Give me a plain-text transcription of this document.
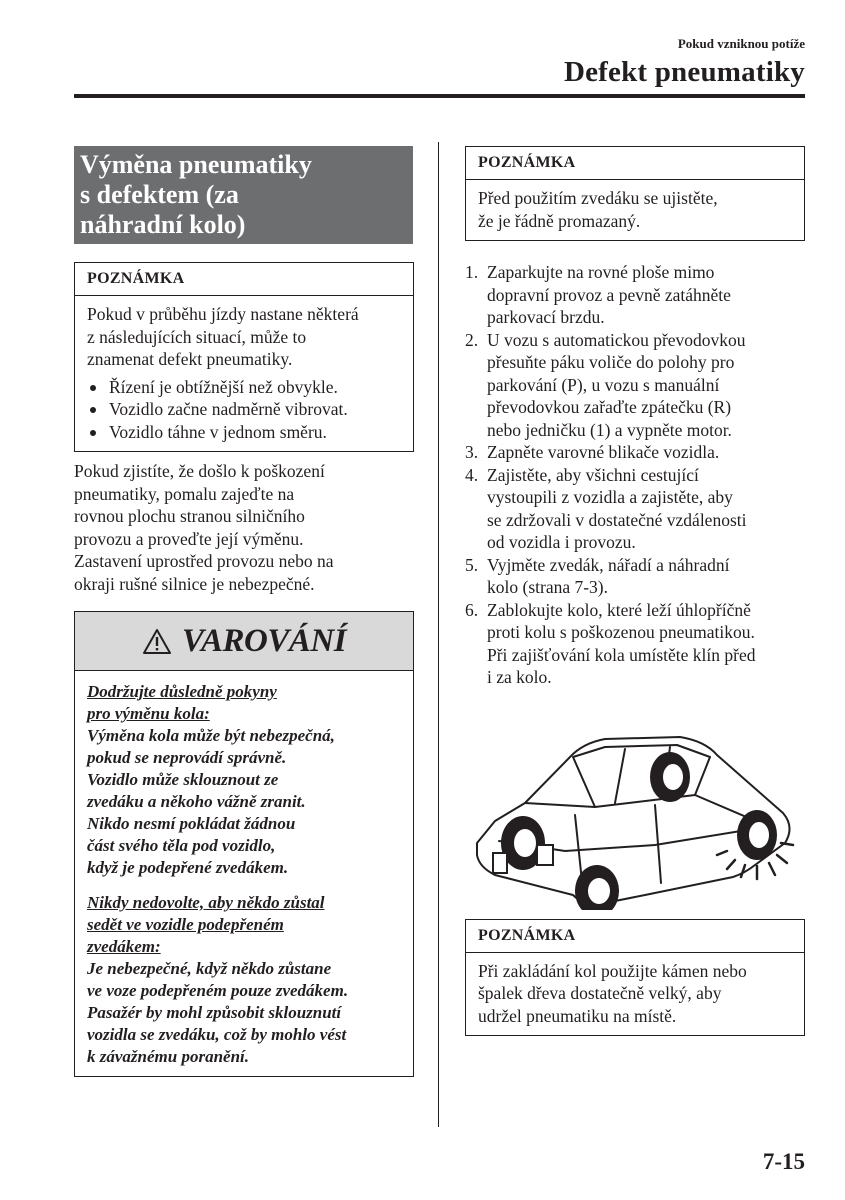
Pokud vzniknou potíže
Defekt pneumatiky
Výměna pneumatiky
s defektem (za
náhradní kolo)
POZNÁMKA

Pokud v průběhu jízdy nastane některá

z následujících situací, může to

znamenat defekt pneumatiky.

Řízení je obtížnější než obvykle.
Vozidlo začne nadměrně vibrovat.
Vozidlo táhne v jednom směru.

Pokud zjistíte, že došlo k poškození

pneumatiky, pomalu zajeďte na

rovnou plochu stranou silničního

provozu a proveďte její výměnu.

Zastavení uprostřed provozu nebo na

okraji rušné silnice je nebezpečné.

VAROVÁNÍ

Dodržujte důsledně pokyny

pro výměnu kola:

Výměna kola může být nebezpečná,

pokud se neprovádí správně.

Vozidlo může sklouznout ze

zvedáku a někoho vážně zranit.

Nikdo nesmí pokládat žádnou

část svého těla pod vozidlo,

když je podepřené zvedákem.

Nikdy nedovolte, aby někdo zůstal

sedět ve vozidle podepřeném

zvedákem:

Je nebezpečné, když někdo zůstane

ve voze podepřeném pouze zvedákem.

Pasažér by mohl způsobit sklouznutí

vozidla se zvedáku, což by mohlo vést

k závažnému poranění.

POZNÁMKA

Před použitím zvedáku se ujistěte,

že je řádně promazaný.

1. Zaparkujte na rovné ploše mimo
dopravní provoz a pevně zatáhněte
parkovací brzdu.
2. U vozu s automatickou převodovkou
přesuňte páku voliče do polohy pro
parkování (P), u vozu s manuální
převodovkou zařaďte zpátečku (R)
nebo jedničku (1) a vypněte motor.
3. Zapněte varovné blikače vozidla.
4. Zajistěte, aby všichni cestující
vystoupili z vozidla a zajistěte, aby
se zdržovali v dostatečné vzdálenosti
od vozidla i provozu.
5. Vyjměte zvedák, nářadí a náhradní
kolo (strana 7-3).
6. Zablokujte kolo, které leží úhlopříčně
proti kolu s poškozenou pneumatikou.
Při zajišťování kola umístěte klín před
i za kolo.
POZNÁMKA

Při zakládání kol použijte kámen nebo

špalek dřeva dostatečně velký, aby

udržel pneumatiku na místě.

7-15
